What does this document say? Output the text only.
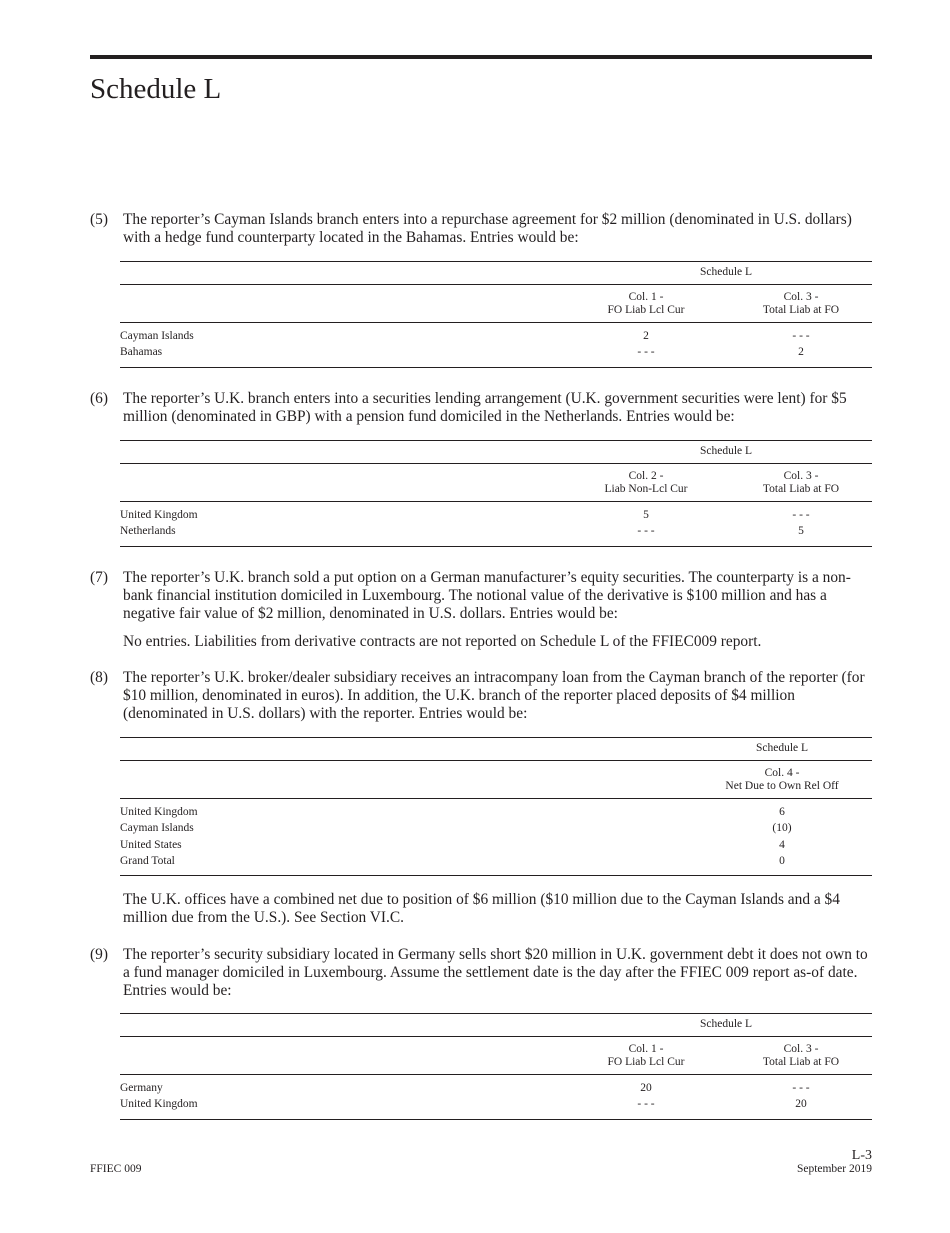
Schedule L
(5) The reporter’s Cayman Islands branch enters into a repurchase agreement for $2 million (denominated in U.S. dollars) with a hedge fund counterparty located in the Bahamas. Entries would be:

Schedule L
Col. 1 -
FO Liab Lcl Cur
Col. 3 -
Total Liab at FO
Cayman Islands	2	- - -
Bahamas	- - -	2
(6) The reporter’s U.K. branch enters into a securities lending arrangement (U.K. government securities were lent) for $5 million (denominated in GBP) with a pension fund domiciled in the Netherlands. Entries would be:

Schedule L
Col. 2 -
Liab Non-Lcl Cur
Col. 3 -
Total Liab at FO
United Kingdom	5	- - -
Netherlands	- - -	5
(7) The reporter’s U.K. branch sold a put option on a German manufacturer’s equity securities. The counterparty is a non-bank financial institution domiciled in Luxembourg. The notional value of the derivative is $100 million and has a negative fair value of $2 million, denominated in U.S. dollars. Entries would be:

No entries. Liabilities from derivative contracts are not reported on Schedule L of the FFIEC009 report.

(8) The reporter’s U.K. broker/dealer subsidiary receives an intracompany loan from the Cayman branch of the reporter (for $10 million, denominated in euros). In addition, the U.K. branch of the reporter placed deposits of $4 million (denominated in U.S. dollars) with the reporter. Entries would be:

Schedule L
Col. 4 -
Net Due to Own Rel Off
United Kingdom	6
Cayman Islands	(10)
United States	4
Grand Total	0
The U.K. offices have a combined net due to position of $6 million ($10 million due to the Cayman Islands and a $4 million due from the U.S.). See Section VI.C.
(9) The reporter’s security subsidiary located in Germany sells short $20 million in U.K. government debt it does not own to a fund manager domiciled in Luxembourg. Assume the settlement date is the day after the FFIEC 009 report as-of date. Entries would be:

Schedule L
Col. 1 -
FO Liab Lcl Cur
Col. 3 -
Total Liab at FO
Germany	20	- - -
United Kingdom	- - -	20
FFIEC 009
L-3
September 2019
